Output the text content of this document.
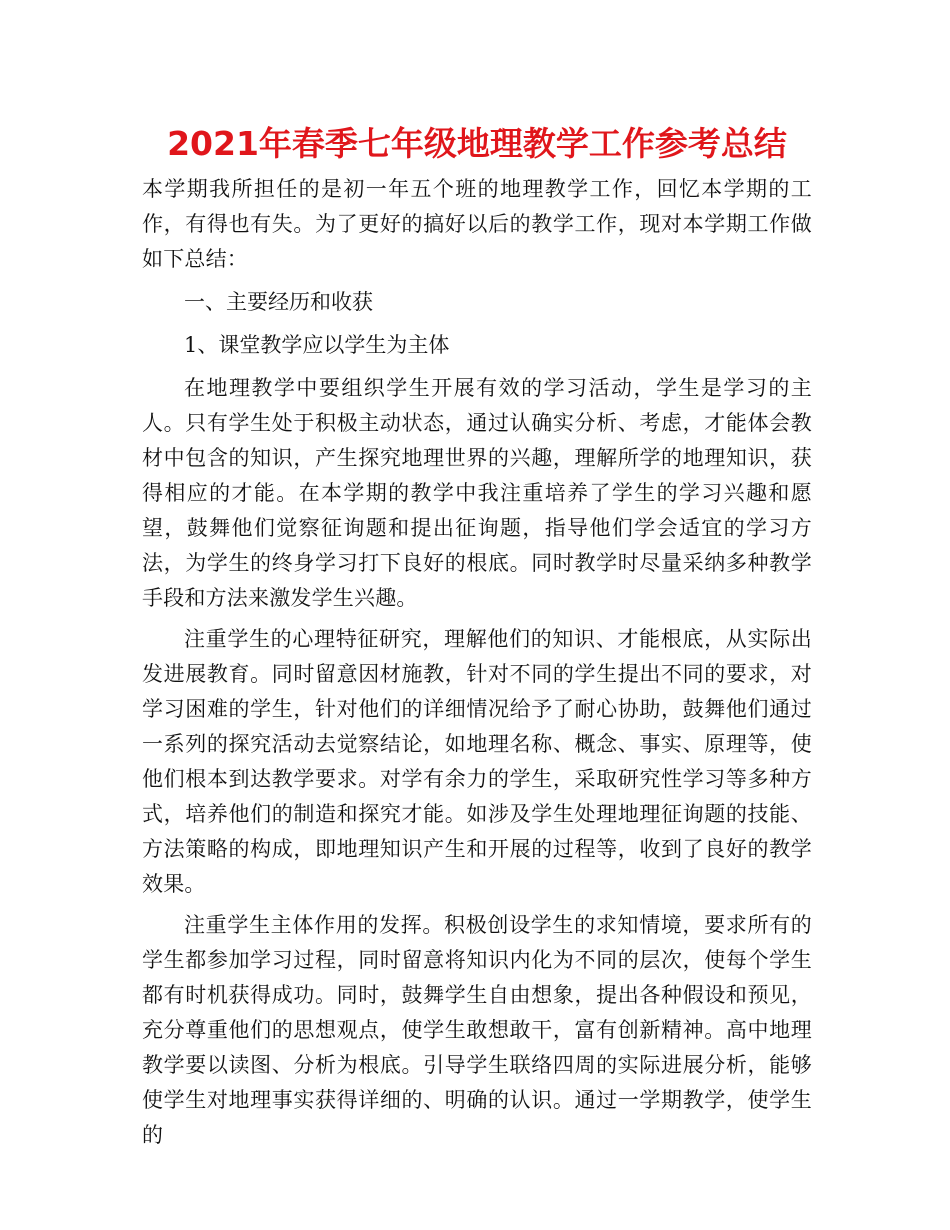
2021年春季七年级地理教学工作参考总结

本学期我所担任的是初一年五个班的地理教学工作，回忆本学期的工作，有得也有失。为了更好的搞好以后的教学工作，现对本学期工作做如下总结：

一、主要经历和收获

1、课堂教学应以学生为主体

在地理教学中要组织学生开展有效的学习活动，学生是学习的主人。只有学生处于积极主动状态，通过认确实分析、考虑，才能体会教材中包含的知识，产生探究地理世界的兴趣，理解所学的地理知识，获得相应的才能。在本学期的教学中我注重培养了学生的学习兴趣和愿望，鼓舞他们觉察征询题和提出征询题，指导他们学会适宜的学习方法，为学生的终身学习打下良好的根底。同时教学时尽量采纳多种教学手段和方法来激发学生兴趣。

注重学生的心理特征研究，理解他们的知识、才能根底，从实际出发进展教育。同时留意因材施教，针对不同的学生提出不同的要求，对学习困难的学生，针对他们的详细情况给予了耐心协助，鼓舞他们通过一系列的探究活动去觉察结论，如地理名称、概念、事实、原理等，使他们根本到达教学要求。对学有余力的学生，采取研究性学习等多种方式，培养他们的制造和探究才能。如涉及学生处理地理征询题的技能、方法策略的构成，即地理知识产生和开展的过程等，收到了良好的教学效果。

注重学生主体作用的发挥。积极创设学生的求知情境，要求所有的学生都参加学习过程，同时留意将知识内化为不同的层次，使每个学生都有时机获得成功。同时，鼓舞学生自由想象，提出各种假设和预见，充分尊重他们的思想观点，使学生敢想敢干，富有创新精神。高中地理教学要以读图、分析为根底。引导学生联络四周的实际进展分析，能够使学生对地理事实获得详细的、明确的认识。通过一学期教学，使学生的
